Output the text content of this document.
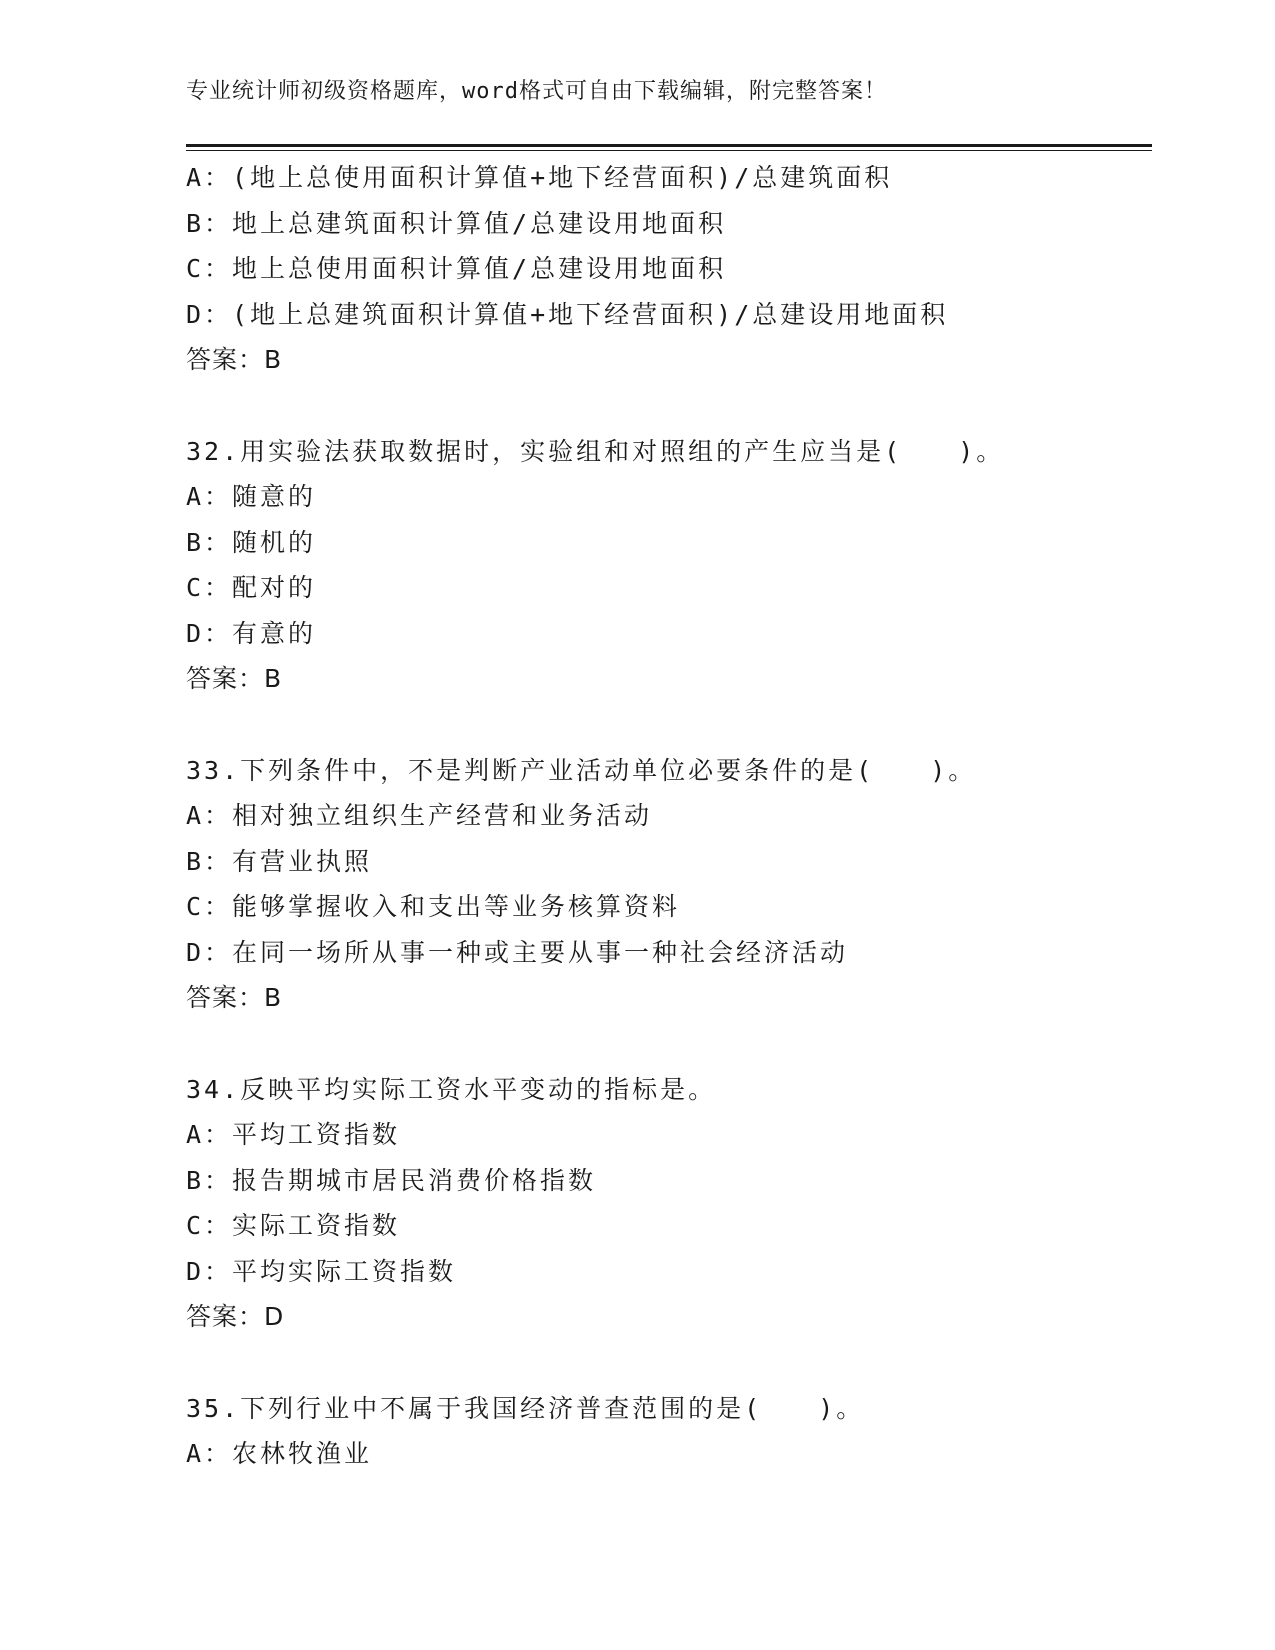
专业统计师初级资格题库，word格式可自由下载编辑，附完整答案！
A：(地上总使用面积计算值+地下经营面积)/总建筑面积
B：地上总建筑面积计算值/总建设用地面积
C：地上总使用面积计算值/总建设用地面积
D：(地上总建筑面积计算值+地下经营面积)/总建设用地面积
答案：B
32.用实验法获取数据时，实验组和对照组的产生应当是(　　)。
A：随意的
B：随机的
C：配对的
D：有意的
答案：B
33.下列条件中，不是判断产业活动单位必要条件的是(　　)。
A：相对独立组织生产经营和业务活动
B：有营业执照
C：能够掌握收入和支出等业务核算资料
D：在同一场所从事一种或主要从事一种社会经济活动
答案：B
34.反映平均实际工资水平变动的指标是。
A：平均工资指数
B：报告期城市居民消费价格指数
C：实际工资指数
D：平均实际工资指数
答案：D
35.下列行业中不属于我国经济普查范围的是(　　)。
A：农林牧渔业
